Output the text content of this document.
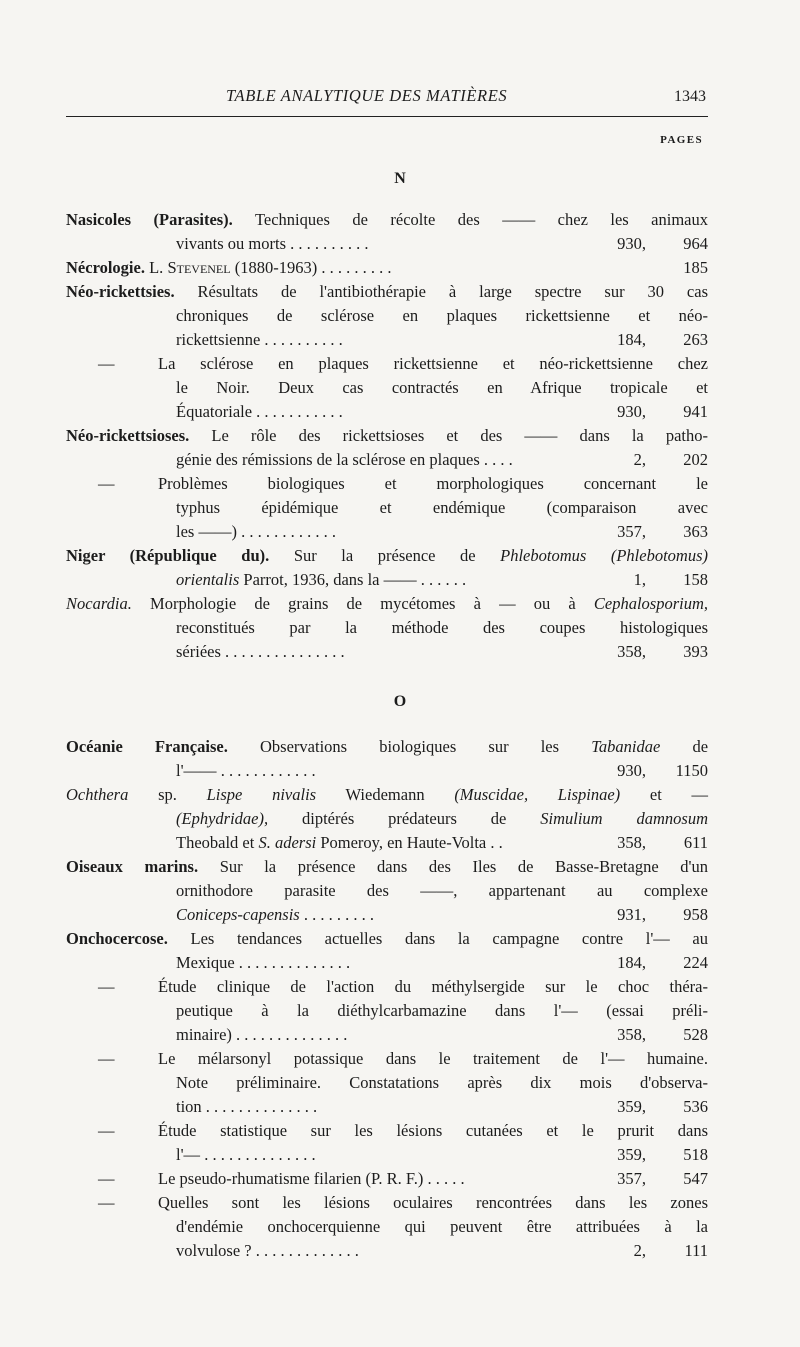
TABLE ANALYTIQUE DES MATIÈRES	1343
PAGES
N
Nasicoles (Parasites). Techniques de récolte des —— chez les animaux
vivants ou morts . . . . . . . . . .	930, 964
Nécrologie. L. Stevenel (1880-1963) . . . . . . . . .	185
Néo-rickettsies. Résultats de l'antibiothérapie à large spectre sur 30 cas
chroniques de sclérose en plaques rickettsienne et néo-
rickettsienne . . . . . . . . . .	184, 263
—	La sclérose en plaques rickettsienne et néo-rickettsienne chez
le Noir. Deux cas contractés en Afrique tropicale et
Équatoriale . . . . . . . . . . .	930, 941
Néo-rickettsioses. Le rôle des rickettsioses et des —— dans la patho-
génie des rémissions de la sclérose en plaques . . . .	2, 202
—	Problèmes biologiques et morphologiques concernant le
typhus épidémique et endémique (comparaison avec
les ——) . . . . . . . . . . . .	357, 363
Niger (République du). Sur la présence de Phlebotomus (Phlebotomus)
orientalis Parrot, 1936, dans la —— . . . . . .	1, 158
Nocardia. Morphologie de grains de mycétomes à — ou à Cephalosporium,
reconstitués par la méthode des coupes histologiques
sériées . . . . . . . . . . . . . . .	358, 393
O
Océanie Française. Observations biologiques sur les Tabanidae de
l'—— . . . . . . . . . . . .	930, 1150
Ochthera sp. Lispe nivalis Wiedemann (Muscidae, Lispinae) et —
(Ephydridae), diptérés prédateurs de Simulium damnosum
Theobald et S. adersi Pomeroy, en Haute-Volta . .	358, 611
Oiseaux marins. Sur la présence dans des Iles de Basse-Bretagne d'un
ornithodore parasite des ——, appartenant au complexe
Coniceps-capensis . . . . . . . . .	931, 958
Onchocercose. Les tendances actuelles dans la campagne contre l'— au
Mexique . . . . . . . . . . . . . .	184, 224
—	Étude clinique de l'action du méthylsergide sur le choc théra-
peutique à la diéthylcarbamazine dans l'— (essai préli-
minaire) . . . . . . . . . . . . . .	358, 528
—	Le mélarsonyl potassique dans le traitement de l'— humaine.
Note préliminaire. Constatations après dix mois d'observa-
tion . . . . . . . . . . . . . .	359, 536
—	Étude statistique sur les lésions cutanées et le prurit dans
l'— . . . . . . . . . . . . . .	359, 518
—	Le pseudo-rhumatisme filarien (P. R. F.) . . . . .	357, 547
—	Quelles sont les lésions oculaires rencontrées dans les zones
d'endémie onchocerquienne qui peuvent être attribuées à la
volvulose ? . . . . . . . . . . . . .	2, 111
